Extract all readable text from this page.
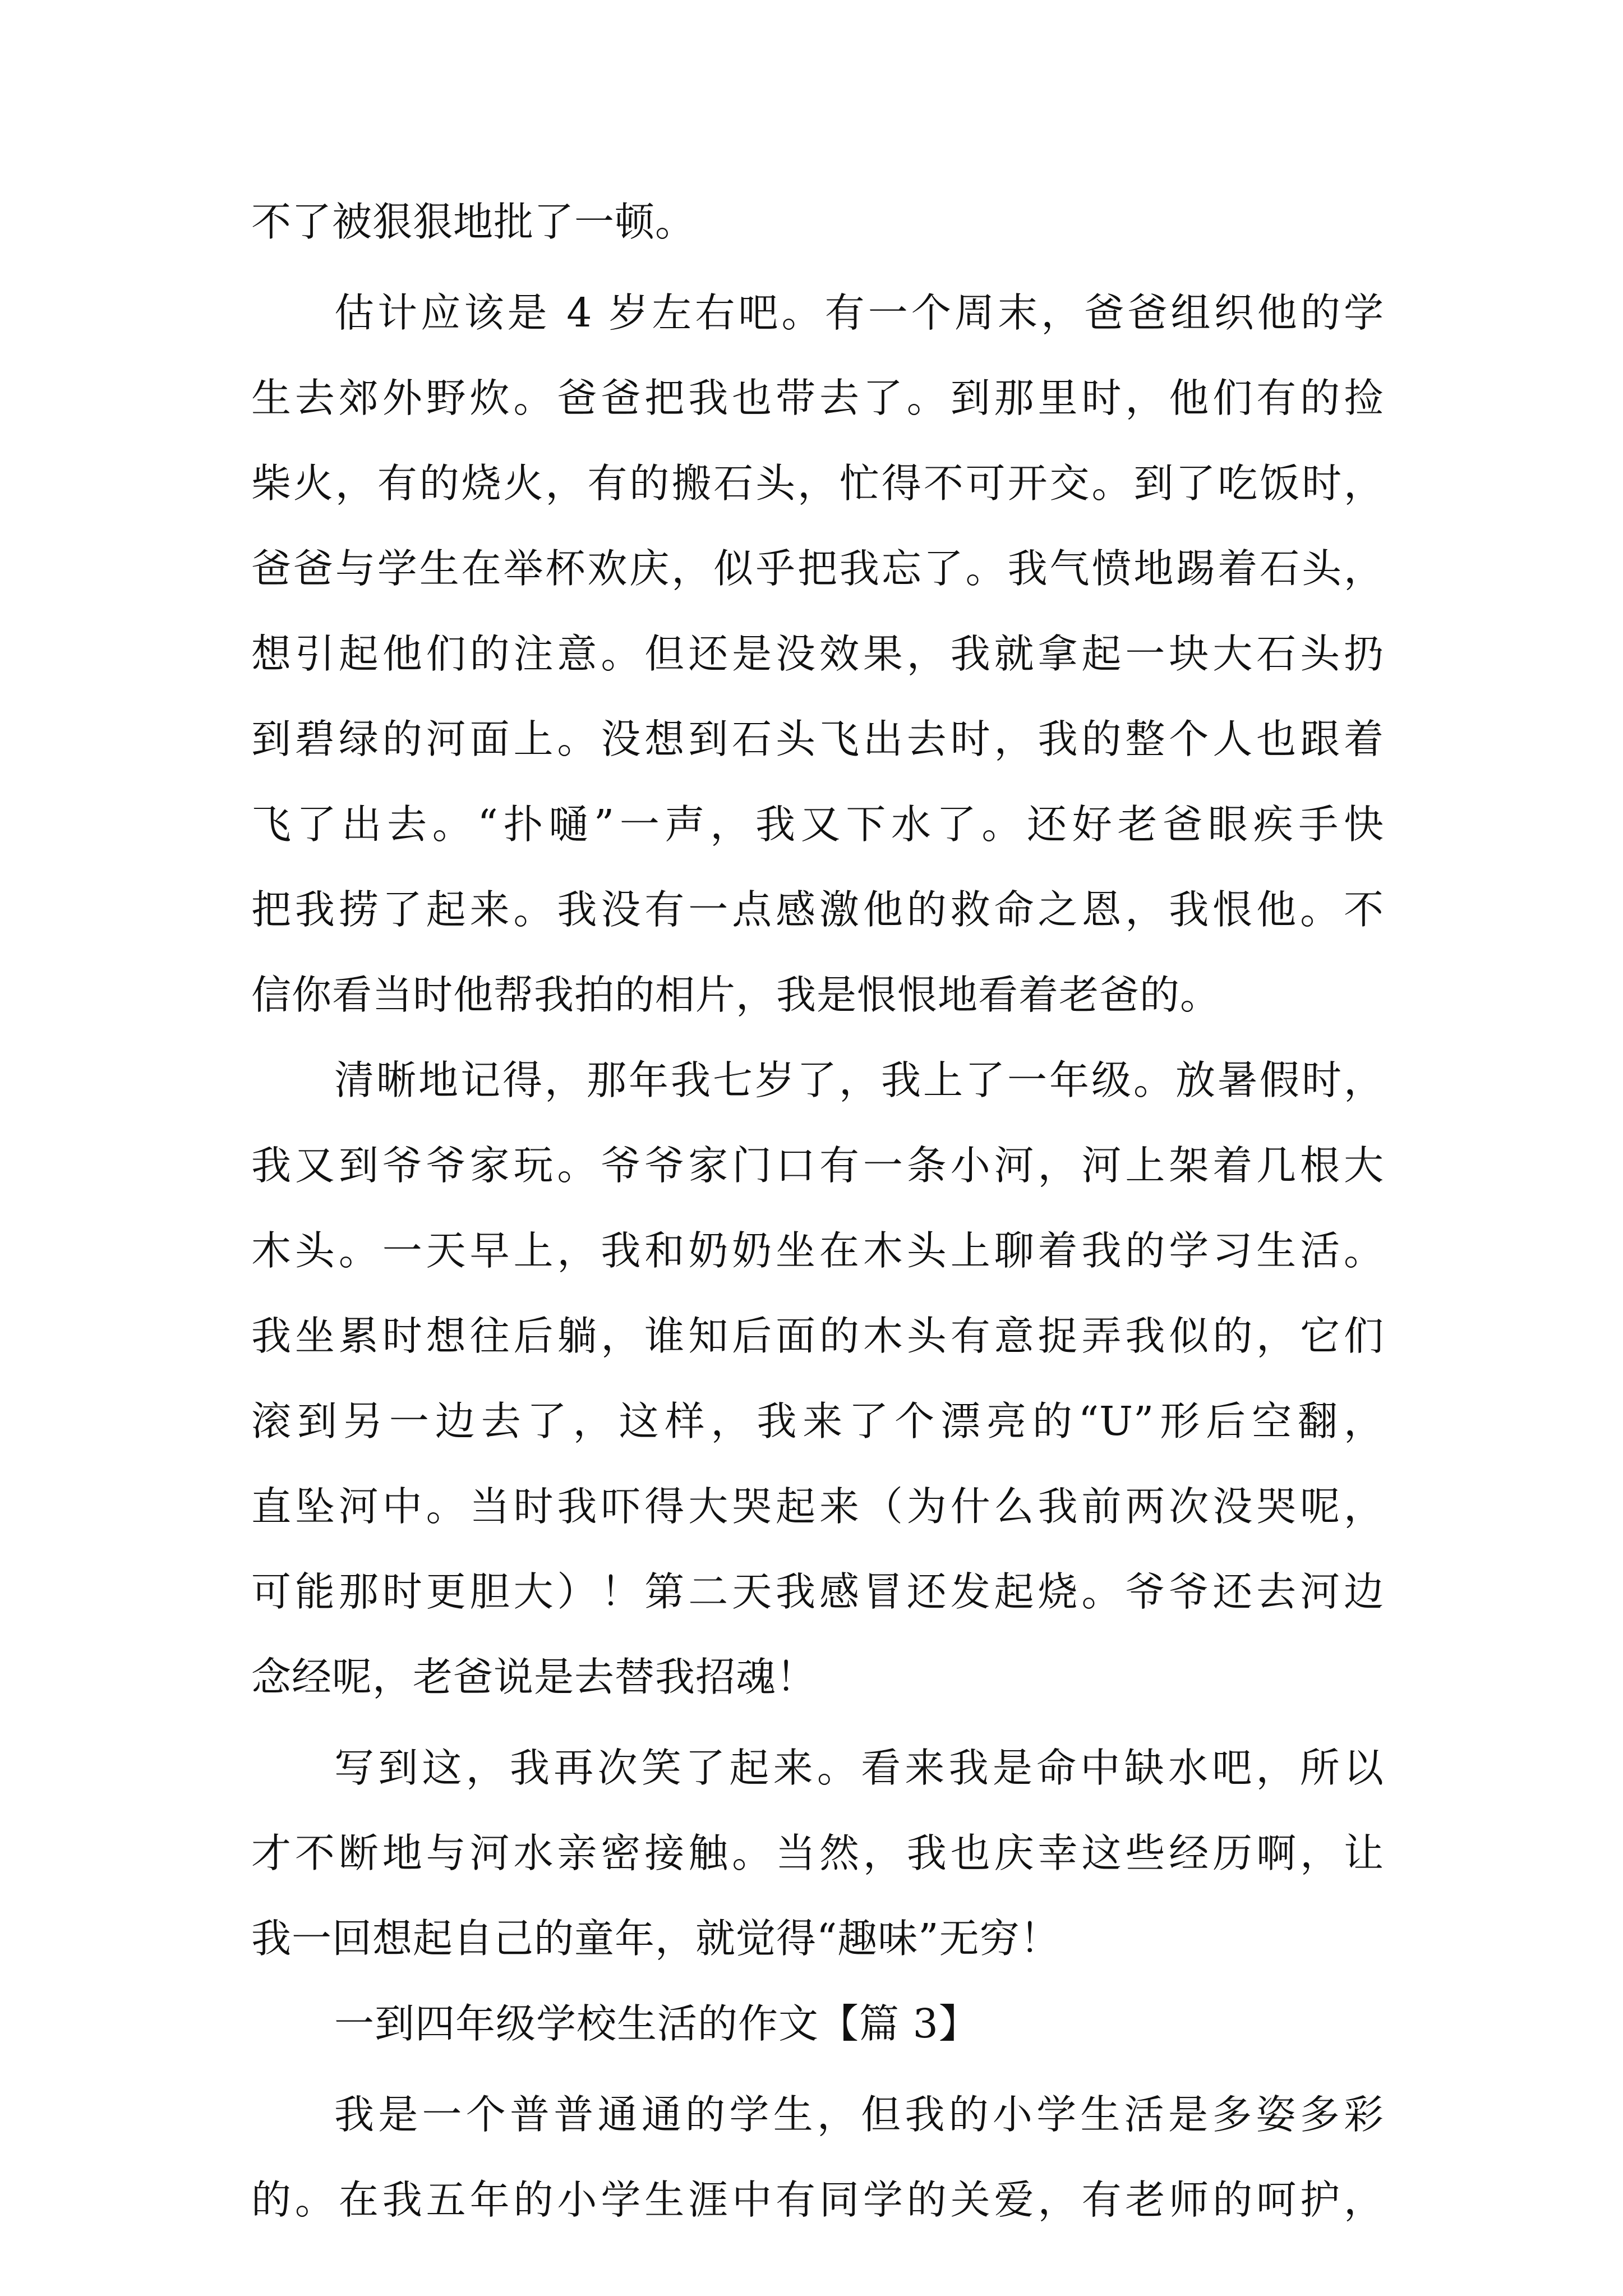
不了被狠狠地批了一顿。
估计应该是 4 岁左右吧。有一个周末，爸爸组织他的学
生去郊外野炊。爸爸把我也带去了。到那里时，他们有的捡
柴火，有的烧火，有的搬石头，忙得不可开交。到了吃饭时，
爸爸与学生在举杯欢庆，似乎把我忘了。我气愤地踢着石头，
想引起他们的注意。但还是没效果，我就拿起一块大石头扔
到碧绿的河面上。没想到石头飞出去时，我的整个人也跟着
飞了出去。“扑嗵”一声，我又下水了。还好老爸眼疾手快
把我捞了起来。我没有一点感激他的救命之恩，我恨他。不
信你看当时他帮我拍的相片，我是恨恨地看着老爸的。
清晰地记得，那年我七岁了，我上了一年级。放暑假时，
我又到爷爷家玩。爷爷家门口有一条小河，河上架着几根大
木头。一天早上，我和奶奶坐在木头上聊着我的学习生活。
我坐累时想往后躺，谁知后面的木头有意捉弄我似的，它们
滚到另一边去了，这样，我来了个漂亮的“U”形后空翻，
直坠河中。当时我吓得大哭起来（为什么我前两次没哭呢，
可能那时更胆大）！第二天我感冒还发起烧。爷爷还去河边
念经呢，老爸说是去替我招魂！
写到这，我再次笑了起来。看来我是命中缺水吧，所以
才不断地与河水亲密接触。当然，我也庆幸这些经历啊，让
我一回想起自己的童年，就觉得“趣味”无穷！
一到四年级学校生活的作文【篇 3】
我是一个普普通通的学生，但我的小学生活是多姿多彩
的。在我五年的小学生涯中有同学的关爱，有老师的呵护，
